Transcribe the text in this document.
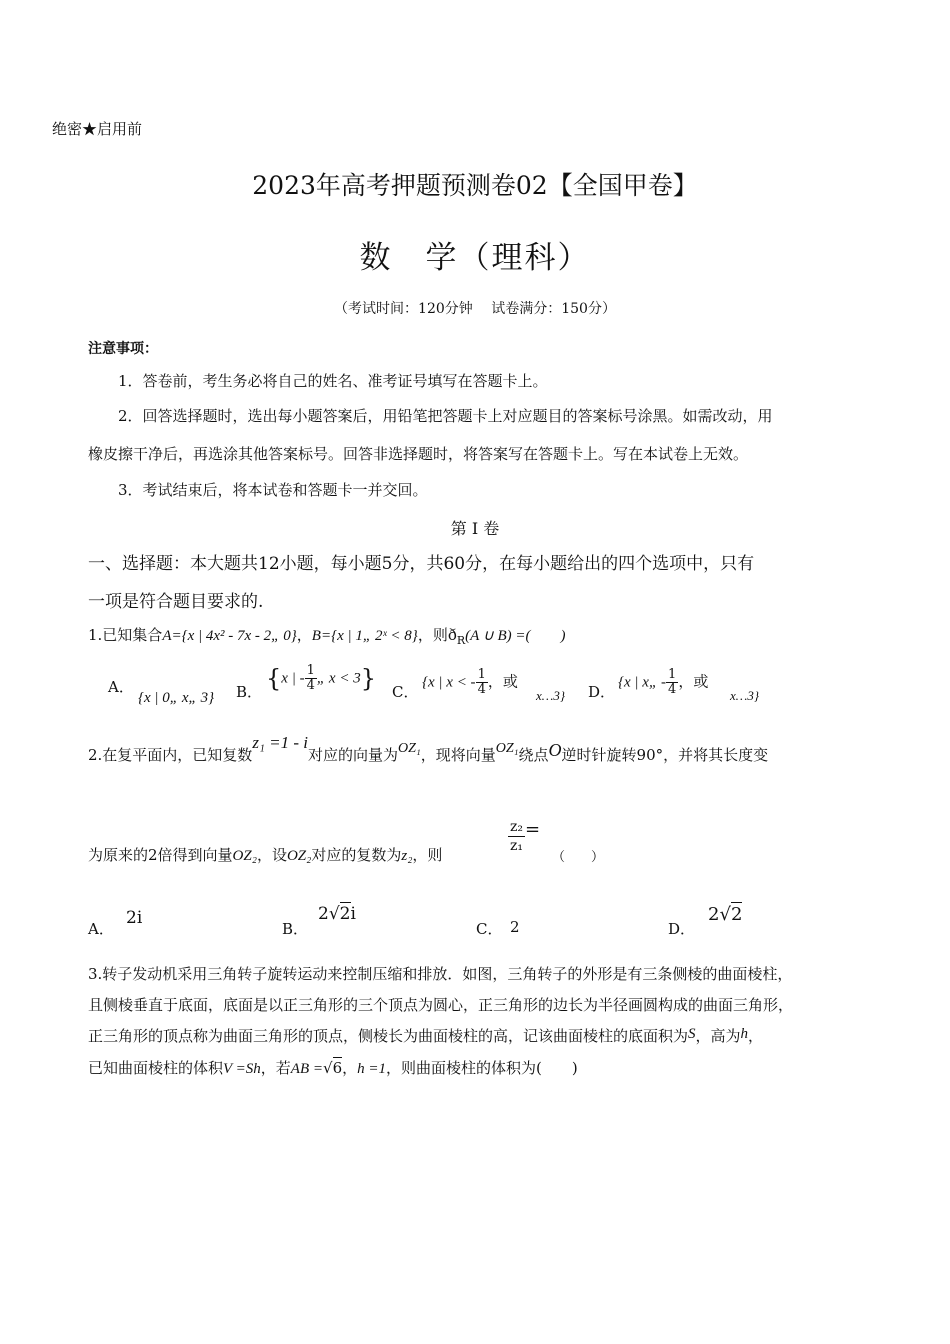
绝密★启用前
2023年高考押题预测卷02【全国甲卷】
数　学（理科）
（考试时间：120分钟　 试卷满分：150分）
注意事项：
1．答卷前，考生务必将自己的姓名、准考证号填写在答题卡上。
2．回答选择题时，选出每小题答案后，用铅笔把答题卡上对应题目的答案标号涂黑。如需改动，用
橡皮擦干净后，再选涂其他答案标号。回答非选择题时，将答案写在答题卡上。写在本试卷上无效。
3．考试结束后，将本试卷和答题卡一并交回。
第 I 卷
一、选择题：本大题共12小题，每小题5分，共60分，在每小题给出的四个选项中，只有
一项是符合题目要求的.
1.已知集合A={x | 4x² - 7x - 2„ 0}，B={x | 1„ 2ˣ < 8}，则$ð_R(A$ ∪ B) =(　　)
A．
{x | 0„ x„ 3} B． {x | - $\frac{1}{4}$ „ x < 3} C．
{x | x < - $\frac{1}{4}$ ，或
x…3} D．
{x | x„ - $\frac{1}{4}$ ，或
x…3}
2.在复平面内，已知复数z₁ =1 - i对应的向量为OZ₁，现将向量OZ₁绕点O逆时针旋转90°，并将其长度变
为原来的2倍得到向量OZ₂，设OZ₂对应的复数为z₂，则	$\frac{\text{z₂}}{\text{z₁}}$ =
（　　）
A．
2i
B．
2√2i
C． 2	D．
2√2
3.转子发动机采用三角转子旋转运动来控制压缩和排放．如图，三角转子的外形是有三条侧棱的曲面棱柱，
且侧棱垂直于底面，底面是以正三角形的三个顶点为圆心，正三角形的边长为半径画圆构成的曲面三角形，
正三角形的顶点称为曲面三角形的顶点，侧棱长为曲面棱柱的高，记该曲面棱柱的底面积为S，高为h，
已知曲面棱柱的体积V =Sh，若AB =√6，h =1，则曲面棱柱的体积为(　　)
